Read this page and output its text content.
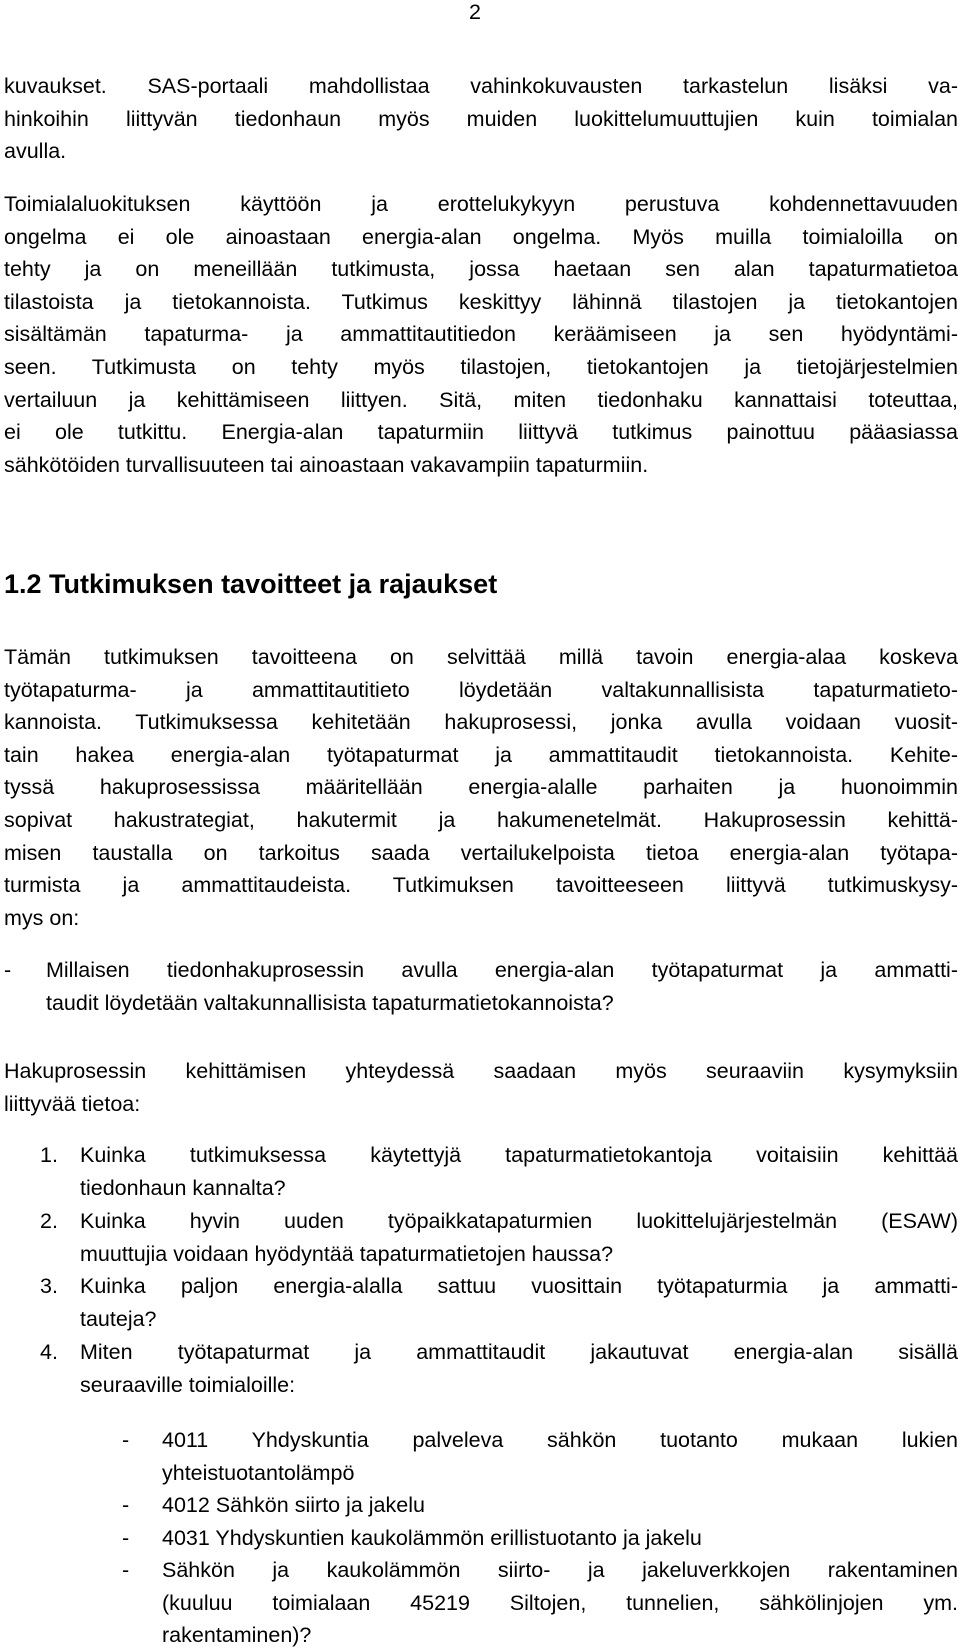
2
kuvaukset. SAS-portaali mahdollistaa vahinkokuvausten tarkastelun lisäksi va-
hinkoihin liittyvän tiedonhaun myös muiden luokittelumuuttujien kuin toimialan
avulla.
Toimialaluokituksen käyttöön ja erottelukykyyn perustuva kohdennettavuuden
ongelma ei ole ainoastaan energia-alan ongelma. Myös muilla toimialoilla on
tehty ja on meneillään tutkimusta, jossa haetaan sen alan tapaturmatietoa
tilastoista ja tietokannoista. Tutkimus keskittyy lähinnä tilastojen ja tietokantojen
sisältämän tapaturma- ja ammattitautitiedon keräämiseen ja sen hyödyntämi-
seen. Tutkimusta on tehty myös tilastojen, tietokantojen ja tietojärjestelmien
vertailuun ja kehittämiseen liittyen. Sitä, miten tiedonhaku kannattaisi toteuttaa,
ei ole tutkittu. Energia-alan tapaturmiin liittyvä tutkimus painottuu pääasiassa
sähkötöiden turvallisuuteen tai ainoastaan vakavampiin tapaturmiin.
1.2 Tutkimuksen tavoitteet ja rajaukset
Tämän tutkimuksen tavoitteena on selvittää millä tavoin energia-alaa koskeva
työtapaturma- ja ammattitautitieto löydetään valtakunnallisista tapaturmatieto-
kannoista. Tutkimuksessa kehitetään hakuprosessi, jonka avulla voidaan vuosit-
tain hakea energia-alan työtapaturmat ja ammattitaudit tietokannoista. Kehite-
tyssä hakuprosessissa määritellään energia-alalle parhaiten ja huonoimmin
sopivat hakustrategiat, hakutermit ja hakumenetelmät. Hakuprosessin kehittä-
misen taustalla on tarkoitus saada vertailukelpoista tietoa energia-alan työtapa-
turmista ja ammattitaudeista. Tutkimuksen tavoitteeseen liittyvä tutkimuskysy-
mys on:
- Millaisen tiedonhakuprosessin avulla energia-alan työtapaturmat ja ammatti-
taudit löydetään valtakunnallisista tapaturmatietokannoista?
Hakuprosessin kehittämisen yhteydessä saadaan myös seuraaviin kysymyksiin
liittyvää tietoa:
1. Kuinka tutkimuksessa käytettyjä tapaturmatietokantoja voitaisiin kehittää
tiedonhaun kannalta?
2. Kuinka hyvin uuden työpaikkatapaturmien luokittelujärjestelmän (ESAW)
muuttujia voidaan hyödyntää tapaturmatietojen haussa?
3. Kuinka paljon energia-alalla sattuu vuosittain työtapaturmia ja ammatti-
tauteja?
4. Miten työtapaturmat ja ammattitaudit jakautuvat energia-alan sisällä
seuraaville toimialoille:
- 4011 Yhdyskuntia palveleva sähkön tuotanto mukaan lukien
yhteistuotantolämpö
- 4012 Sähkön siirto ja jakelu
- 4031 Yhdyskuntien kaukolämmön erillistuotanto ja jakelu
- Sähkön ja kaukolämmön siirto- ja jakeluverkkojen rakentaminen
(kuuluu toimialaan 45219 Siltojen, tunnelien, sähkölinjojen ym.
rakentaminen)?
